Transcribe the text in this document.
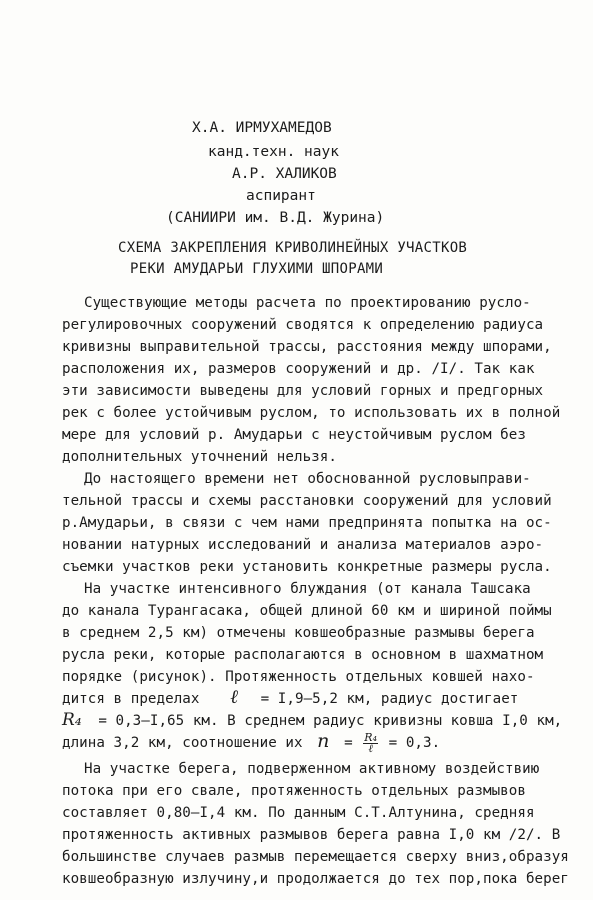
Х.А. ИРМУХАМЕДОВ
канд.техн. наук
А.Р. ХАЛИКОВ
аспирант
(САНИИРИ им. В.Д. Журина)
СХЕМА ЗАКРЕПЛЕНИЯ КРИВОЛИНЕЙНЫХ УЧАСТКОВ
РЕКИ АМУДАРЬИ ГЛУХИМИ ШПОРАМИ
Существующие методы расчета по проектированию русло-
регулировочных сооружений сводятся к определению радиуса
кривизны выправительной трассы, расстояния между шпорами,
расположения их, размеров сооружений и др. /I/. Так как
эти зависимости выведены для условий горных и предгорных
рек с более устойчивым руслом, то использовать их в полной
мере для условий р. Амударьи с неустойчивым руслом без
дополнительных уточнений нельзя.
До настоящего времени нет обоснованной русловыправи-
тельной трассы и схемы расстановки сооружений для условий
р.Амударьи, в связи с чем нами предпринята попытка на ос-
новании натурных исследований и анализа материалов аэро-
съемки участков реки установить конкретные размеры русла.
На участке интенсивного блуждания (от канала Ташсака
до канала Турангасака, общей длиной 60 км и шириной поймы
в среднем 2,5 км) отмечены ковшеобразные размывы берега
русла реки, которые располагаются в основном в шахматном
порядке (рисунок). Протяженность отдельных ковшей нахо-
дится в пределах ℓ = I,9–5,2 км, радиус достигает
R₄ = 0,3–I,65 км. В среднем радиус кривизны ковша I,0 км,
длина 3,2 км, соотношение их $n = \frac{\text{R₄}}{\text{ℓ}} = 0,3$.
На участке берега, подверженном активному воздействию
потока при его свале, протяженность отдельных размывов
составляет 0,80–I,4 км. По данным С.Т.Алтунина, средняя
протяженность активных размывов берега равна I,0 км /2/. В
большинстве случаев размыв перемещается сверху вниз,образуя
ковшеобразную излучину,и продолжается до тех пор,пока берег
